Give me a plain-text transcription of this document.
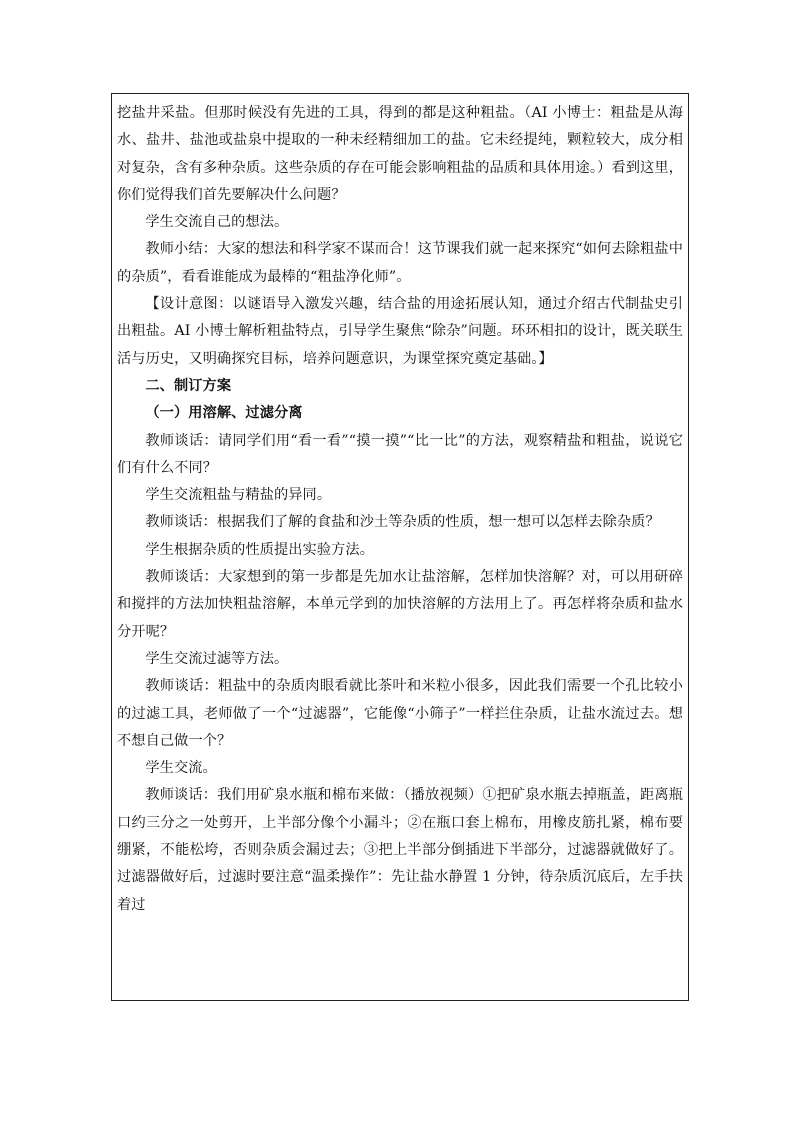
挖盐井采盐。但那时候没有先进的工具，得到的都是这种粗盐。（AI 小博士：粗盐是从海水、盐井、盐池或盐泉中提取的一种未经精细加工的盐。它未经提纯，颗粒较大，成分相对复杂，含有多种杂质。这些杂质的存在可能会影响粗盐的品质和具体用途。）看到这里，你们觉得我们首先要解决什么问题？

学生交流自己的想法。

教师小结：大家的想法和科学家不谋而合！这节课我们就一起来探究“如何去除粗盐中的杂质”，看看谁能成为最棒的“粗盐净化师”。

【设计意图：以谜语导入激发兴趣，结合盐的用途拓展认知，通过介绍古代制盐史引出粗盐。AI 小博士解析粗盐特点，引导学生聚焦“除杂”问题。环环相扣的设计，既关联生活与历史，又明确探究目标，培养问题意识，为课堂探究奠定基础。】

二、制订方案

（一）用溶解、过滤分离

教师谈话：请同学们用“看一看”“摸一摸”“比一比”的方法，观察精盐和粗盐，说说它们有什么不同？

学生交流粗盐与精盐的异同。

教师谈话：根据我们了解的食盐和沙土等杂质的性质，想一想可以怎样去除杂质？

学生根据杂质的性质提出实验方法。

教师谈话：大家想到的第一步都是先加水让盐溶解，怎样加快溶解？对，可以用研碎和搅拌的方法加快粗盐溶解，本单元学到的加快溶解的方法用上了。再怎样将杂质和盐水分开呢？

学生交流过滤等方法。

教师谈话：粗盐中的杂质肉眼看就比茶叶和米粒小很多，因此我们需要一个孔比较小的过滤工具，老师做了一个“过滤器”，它能像“小筛子”一样拦住杂质，让盐水流过去。想不想自己做一个？

学生交流。

教师谈话：我们用矿泉水瓶和棉布来做：（播放视频）①把矿泉水瓶去掉瓶盖，距离瓶口约三分之一处剪开，上半部分像个小漏斗；②在瓶口套上棉布，用橡皮筋扎紧，棉布要绷紧，不能松垮，否则杂质会漏过去；③把上半部分倒插进下半部分，过滤器就做好了。过滤器做好后，过滤时要注意“温柔操作”：先让盐水静置 1 分钟，待杂质沉底后，左手扶着过
